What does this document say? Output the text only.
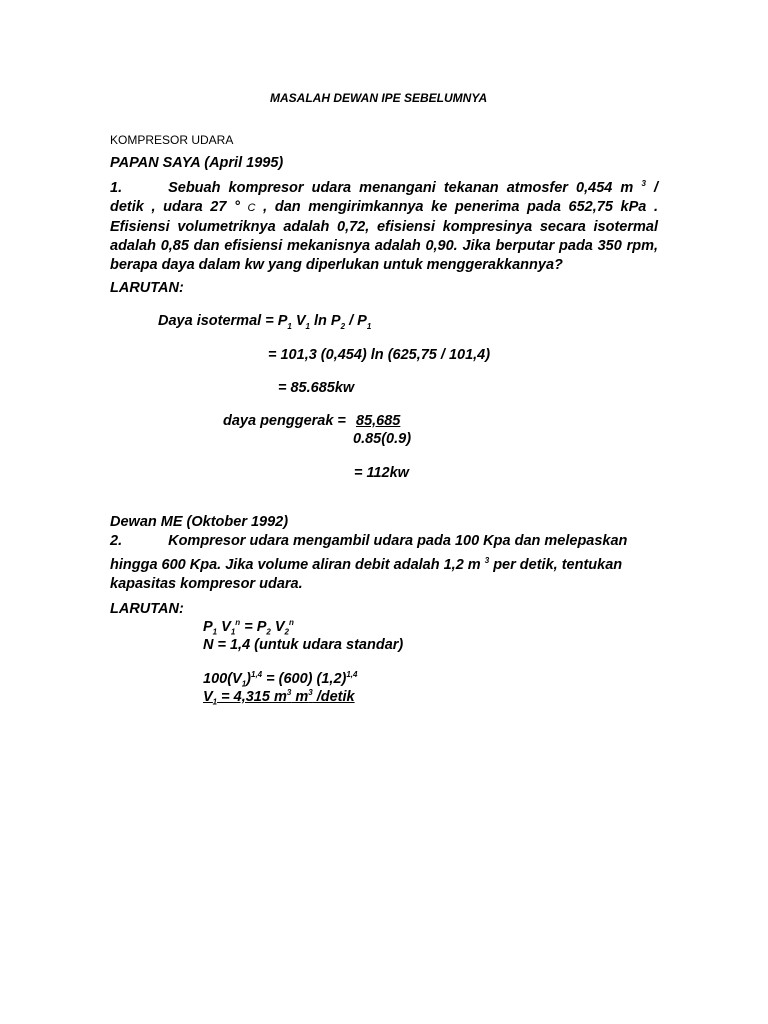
MASALAH DEWAN IPE SEBELUMNYA
KOMPRESOR UDARA
PAPAN SAYA (April 1995)
1.	Sebuah kompresor udara menangani tekanan atmosfer 0,454 m $^3$ / detik , udara 27 ° C , dan mengirimkannya ke penerima pada 652,75 kPa . Efisiensi volumetriknya adalah 0,72, efisiensi kompresinya secara isotermal adalah 0,85 dan efisiensi mekanisnya adalah 0,90. Jika berputar pada 350 rpm, berapa daya dalam kw yang diperlukan untuk menggerakkannya?
LARUTAN:
Daya isotermal = $P_1$ $V_1$ $\ln P_2 / P_1$
= 101,3 (0,454) ln (625,75 / 101,4)
= 85.685kw
daya penggerak = 85,685
0.85(0.9)
= 112kw
Dewan ME (Oktober 1992)
2.	Kompresor udara mengambil udara pada 100 Kpa dan melepaskan hingga 600 Kpa. Jika volume aliran debit adalah 1,2 m $^3$ per detik, tentukan kapasitas kompresor udara.
LARUTAN:
$P_1$ $V_1^n = P_2$ $V_2^n$
N = 1,4 (untuk udara standar)
$100(V_1)^{1,4} = (600)$ $(1,2)^{1,4}$
$V_1 = 4,315$ $m^3$ $m^3$ /detik
